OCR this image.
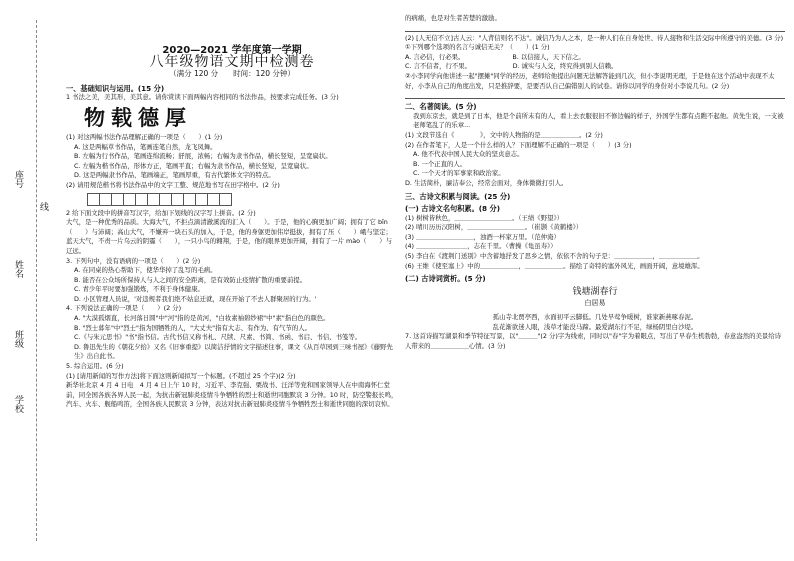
座号
姓名
班级
学校
线
2020—2021 学年度第一学期
八年级物语文期中检测卷
（满分 120 分　　时间：120 分钟）
一、基础知识与运用。(15 分)
1 书法之美，美其形，美其意。请你赏读下面两幅内容相同的书法作品，按要求完成任务。(3 分)
物载德厚
(1) 对这两幅书法作品理解正确的一项是（　　）(1 分)
A. 这是两幅草书作品，笔画连笔自然，龙飞凤舞。
B. 左幅为行书作品，笔画连绵流畅；舒展，浓畅；右幅为隶书作品，横长竖短，呈宽扁状。
C. 左幅为楷书作品，形体方正，笔画平直；右幅为隶书作品，横长竖短，呈宽扁状。
D. 这是两幅隶书作品，笔画端正，笔画厚重，有古代繁体文字的特点。
(2) 请用规范楷书将书法作品中的文字工整、规范地书写在田字格中。(2 分)
2 给下面文段中的拼音写汉字，给加下划线的汉字写上拼音。(2 分)
大气，是一种优秀的品质。大海大气，不拒点滴清澈溪流的汇入（　　）。于是，他的心胸更加广阔；拥有了它 bīn（　　）与沛阔；高山大气，不嫌弃一块石头的加入，于是，他的身躯更加伟岸挺拔，拥有了压（　　）峨与坚定；蓝天大气，不责一片乌云的阴霾（　　），一只小鸟的翱翔，于是，他的眼界更加开阔，拥有了一片 mào（　　）与辽远。
3. 下列句中，没有语病的一项是（　　）(2 分)
A. 在同桌的热心帮助下，使华华掉了乱写的毛病。
B. 能否在公众场所保持人与人之间的安全距离，是有效防止疫情扩散的重要前提。
C. 青少年平时要加强锻炼，不利于身体健康。
D. 小区管理人员说，'对违规者我们绝不姑息迁就，现在开始了不去人群聚居的行为。'
4. 下列说法正确的一项是（　　）(2 分)
A. "大漠孤烟直，长河落日圆"中"河"指的是黄河，"白妆素袖碧纱裙"中"素"指白色的颜色。
B. "烈士暮年"中"烈士"指为国牺牲的人，"大丈夫"指有大志、有作为、有气节的人。
C.《与朱元思书》"书"指书信。古代书信又称书札、尺牍、尺素、书简、书函、书启、书信、书笺等。
D. 鲁迅先生的《朝花夕拾》又名《旧事重提》以简洁抒情的文字描述往事，课文《从百草园到三味书屋》《藤野先生》出自此书。
5. 综合运用。(6 分)
(1) [请用新闻的写作方法]将下面这则新闻拟写一个标题。(不超过 25 个字)(2 分)
新华社北京 4 月 4 日电　4 月 4 日上午 10 时，习近平、李克强、栗战书、汪洋等党和国家领导人在中南海怀仁堂前，同全国各族各界人民一起，为抗击新冠肺炎疫情斗争牺牲的烈士和逝世同胞默哀 3 分钟。10 时，防空警报长鸣，汽车、火车、舰船鸣笛，全国各族人民默哀 3 分钟，表达对抗击新冠肺炎疫情斗争牺牲烈士和逝世同胞的深切哀悼。
的病痛，也是对生者苦楚的激励。
(2) [人无信不立]古人云："人背信则名不达"。诚信乃为人之本，是一种人们在自身处世、待人接物和生活交际中所遵守的美德。(3 分)
①下列哪个选项的名言与诚信无关？（　　）(1 分)
A. 言必信，行必果。　　　　　　　　B. 以信接人，天下信之。
C. 言不信者，行不果。　　　　　　　D. 诚实与人交，终究得到别人信赖。
②小李同学向他讲述一起"摆摊"同学的经历，老师给他提出问题无法解答能到几次，但小李说明无理，于是他在这个活动中表现不太好，小李从自己的角度出发，只是推辞要，是要否认自己偏错别人的试卷。请你以同学的身份对小李说几句。(2 分)
二、名著阅读。(5 分)
我到东京去，就是到了日本，他是个前所未有的人，看上去衣服很旧不修边幅的样子，外国学生都有点瞧不起他。黄先生说，一支被老师笔乱了的乐章...
(1) 文段节选自《　　　　》，文中的人物指的是＿＿＿＿＿＿。(2 分)
(2) 在作者笔下，人是一个什么样的人？下面理解不正确的一项是（　　）(3 分)
A. 他不代表中国人民大众的坚贞意志。
B. 一个正直的人。
C. 一个天才的军事家和政治家。
D. 生活简朴，廉洁奉公，经常会面对，身体微微打引人。
三、古诗文积累与阅读。(25 分)
(一) 古诗文名句积累。(8 分)
(1) 树树皆秋色，＿＿＿＿＿＿＿＿＿。（王绩《野望》）
(2) 晴川历历汉阳树，＿＿＿＿＿＿＿＿＿。（崔颢《黄鹤楼》）
(3) ＿＿＿＿＿＿＿＿＿，浊酒一杯家万里。（范仲淹）
(4) ＿＿＿＿＿＿＿＿，志在千里。（曹操《龟虽寿》）
(5) 李白在《渡荆门送别》中含蓄地抒发了思乡之情，依依不舍的句子是：＿＿＿＿＿＿，＿＿＿＿＿＿。
(6) 王维《使至塞上》中的＿＿＿＿＿＿，＿＿＿＿＿＿。描绘了奇特的塞外风光，画面开阔，意境雄浑。
(二) 古诗词赏析。(5 分)
钱塘湖春行
白居易
孤山寺北贾亭西，水面初平云脚低。几处早莺争暖树，谁家新燕啄春泥。
乱花渐欲迷人眼，浅草才能没马蹄。最爱湖东行不足，绿杨阴里白沙堤。
7. 这首诗描写湖景和季节特征写景，以"＿＿＿"(2 分)字为线索，同时以"春"字为着眼点，写出了早春生机勃勃，春意盎然的美景给诗人带来的＿＿＿＿＿＿心情。(3 分)
